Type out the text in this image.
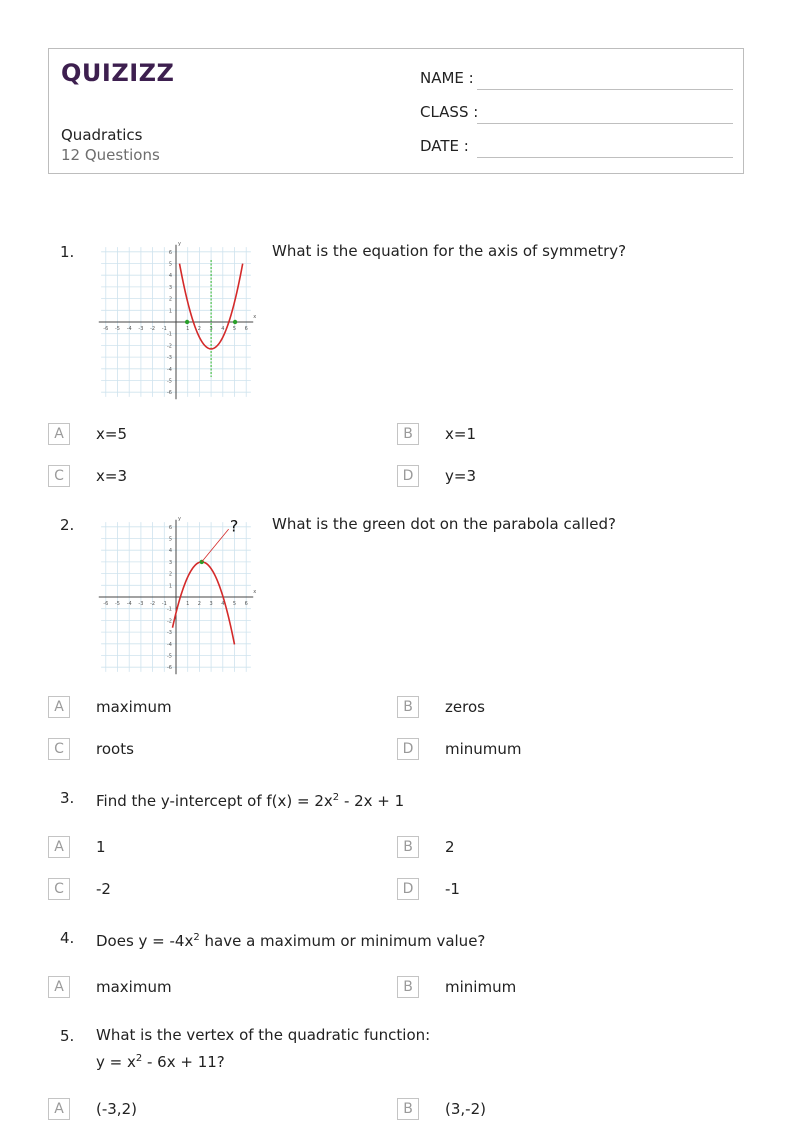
QUIZIZZ
Quadratics
12 Questions
NAME :
CLASS :
DATE :
1.
-6 -5 -4 -3 -2 -1	1 2 3 4 5 6
6
5
4
3
2
1
-1
-2
-3
-4
-5
-6
x
y	What is the equation for the axis of symmetry?
A	x=5	B	x=1
C	x=3	D	y=3
2.
-6 -5 -4 -3 -2 -1	1 2 3 4 5 6
6
5
4
3
2
1
-1
-2
-3
-4
-5
-6
x
y	? What is the green dot on the parabola called?
A	maximum	B	zeros
C	roots	D	minumum
3. Find the y-intercept of $f(x) = 2x^2 - 2x + 1$
A	1	B	2
C	-2	D	-1
4. Does $y = -4x^2$ have a maximum or minimum value?
A	maximum	B	minimum
5. What is the vertex of the quadratic function:
$y = x^2 - 6x + 11$?
A	(-3,2)	B	(3,-2)
